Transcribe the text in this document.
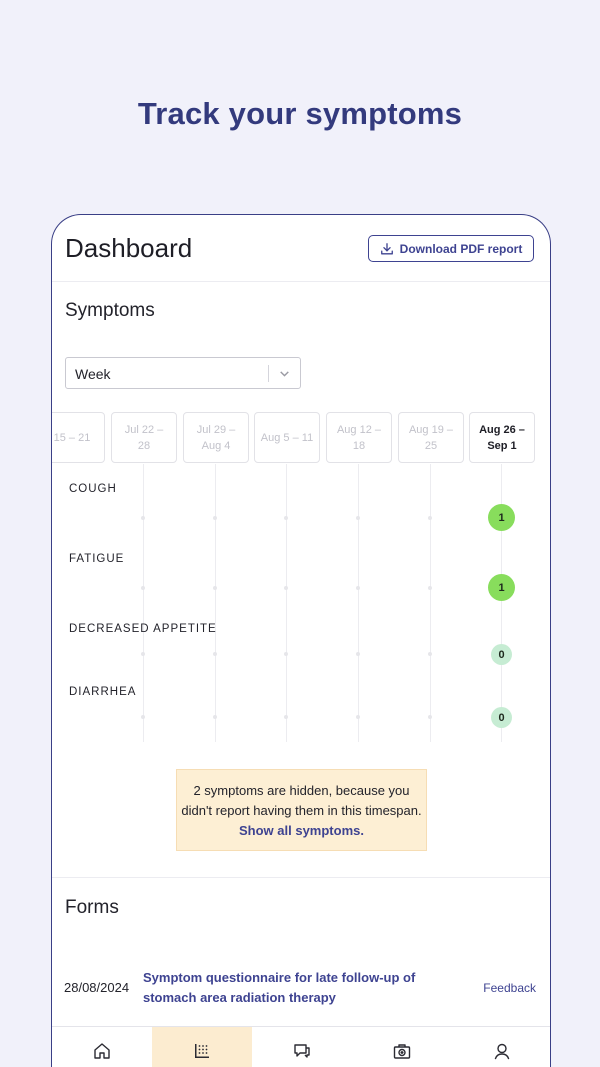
Track your symptoms
Dashboard	Download PDF report
Symptoms
Week
15 – 21
Jul 22 –
28
Jul 29 –
Aug 4
Aug 5 – 11
Aug 12 –
18
Aug 19 –
25
Aug 26 –
Sep 1
COUGH
1
FATIGUE
1
DECREASED APPETITE
0
DIARRHEA
0
2 symptoms are hidden, because you didn't report having them in this timespan. Show all symptoms.
Forms
28/08/2024
Symptom questionnaire for late follow-up of stomach area radiation therapy
Feedback
